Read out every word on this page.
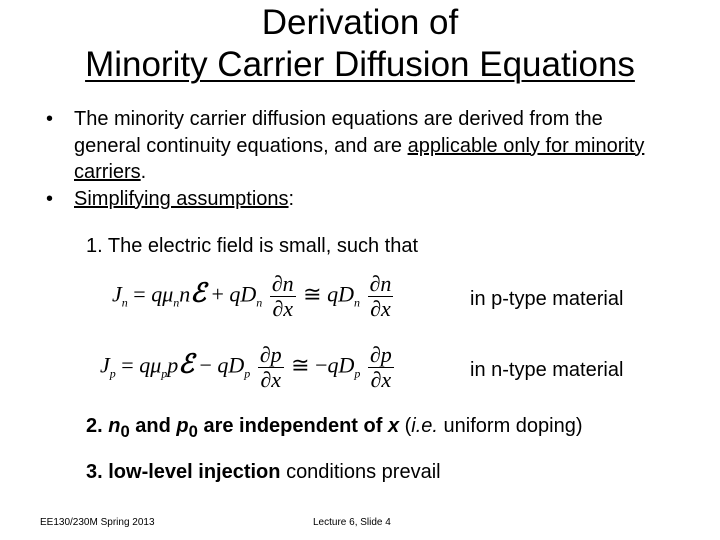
Derivation of
Minority Carrier Diffusion Equations
•	The minority carrier diffusion equations are derived from the general continuity equations, and are applicable only for minority carriers.
•	Simplifying assumptions:
1. The electric field is small, such that
$J_n$ = $q\mu_nnℰ + qD_n \frac{\partial n}{\partial x}$ ≅ $qD_n \frac{\partial n}{\partial x}$	in p-type material
$J_p$ = $q\mu_ppℰ - qD_p \frac{\partial p}{\partial x}$ ≅ $-qD_p \frac{\partial p}{\partial x}$	in n-type material
2. $n_0$ and $p_0$ are independent of x (i.e. uniform doping)
3. low-level injection conditions prevail
EE130/230M Spring 2013	Lecture 6, Slide 4
